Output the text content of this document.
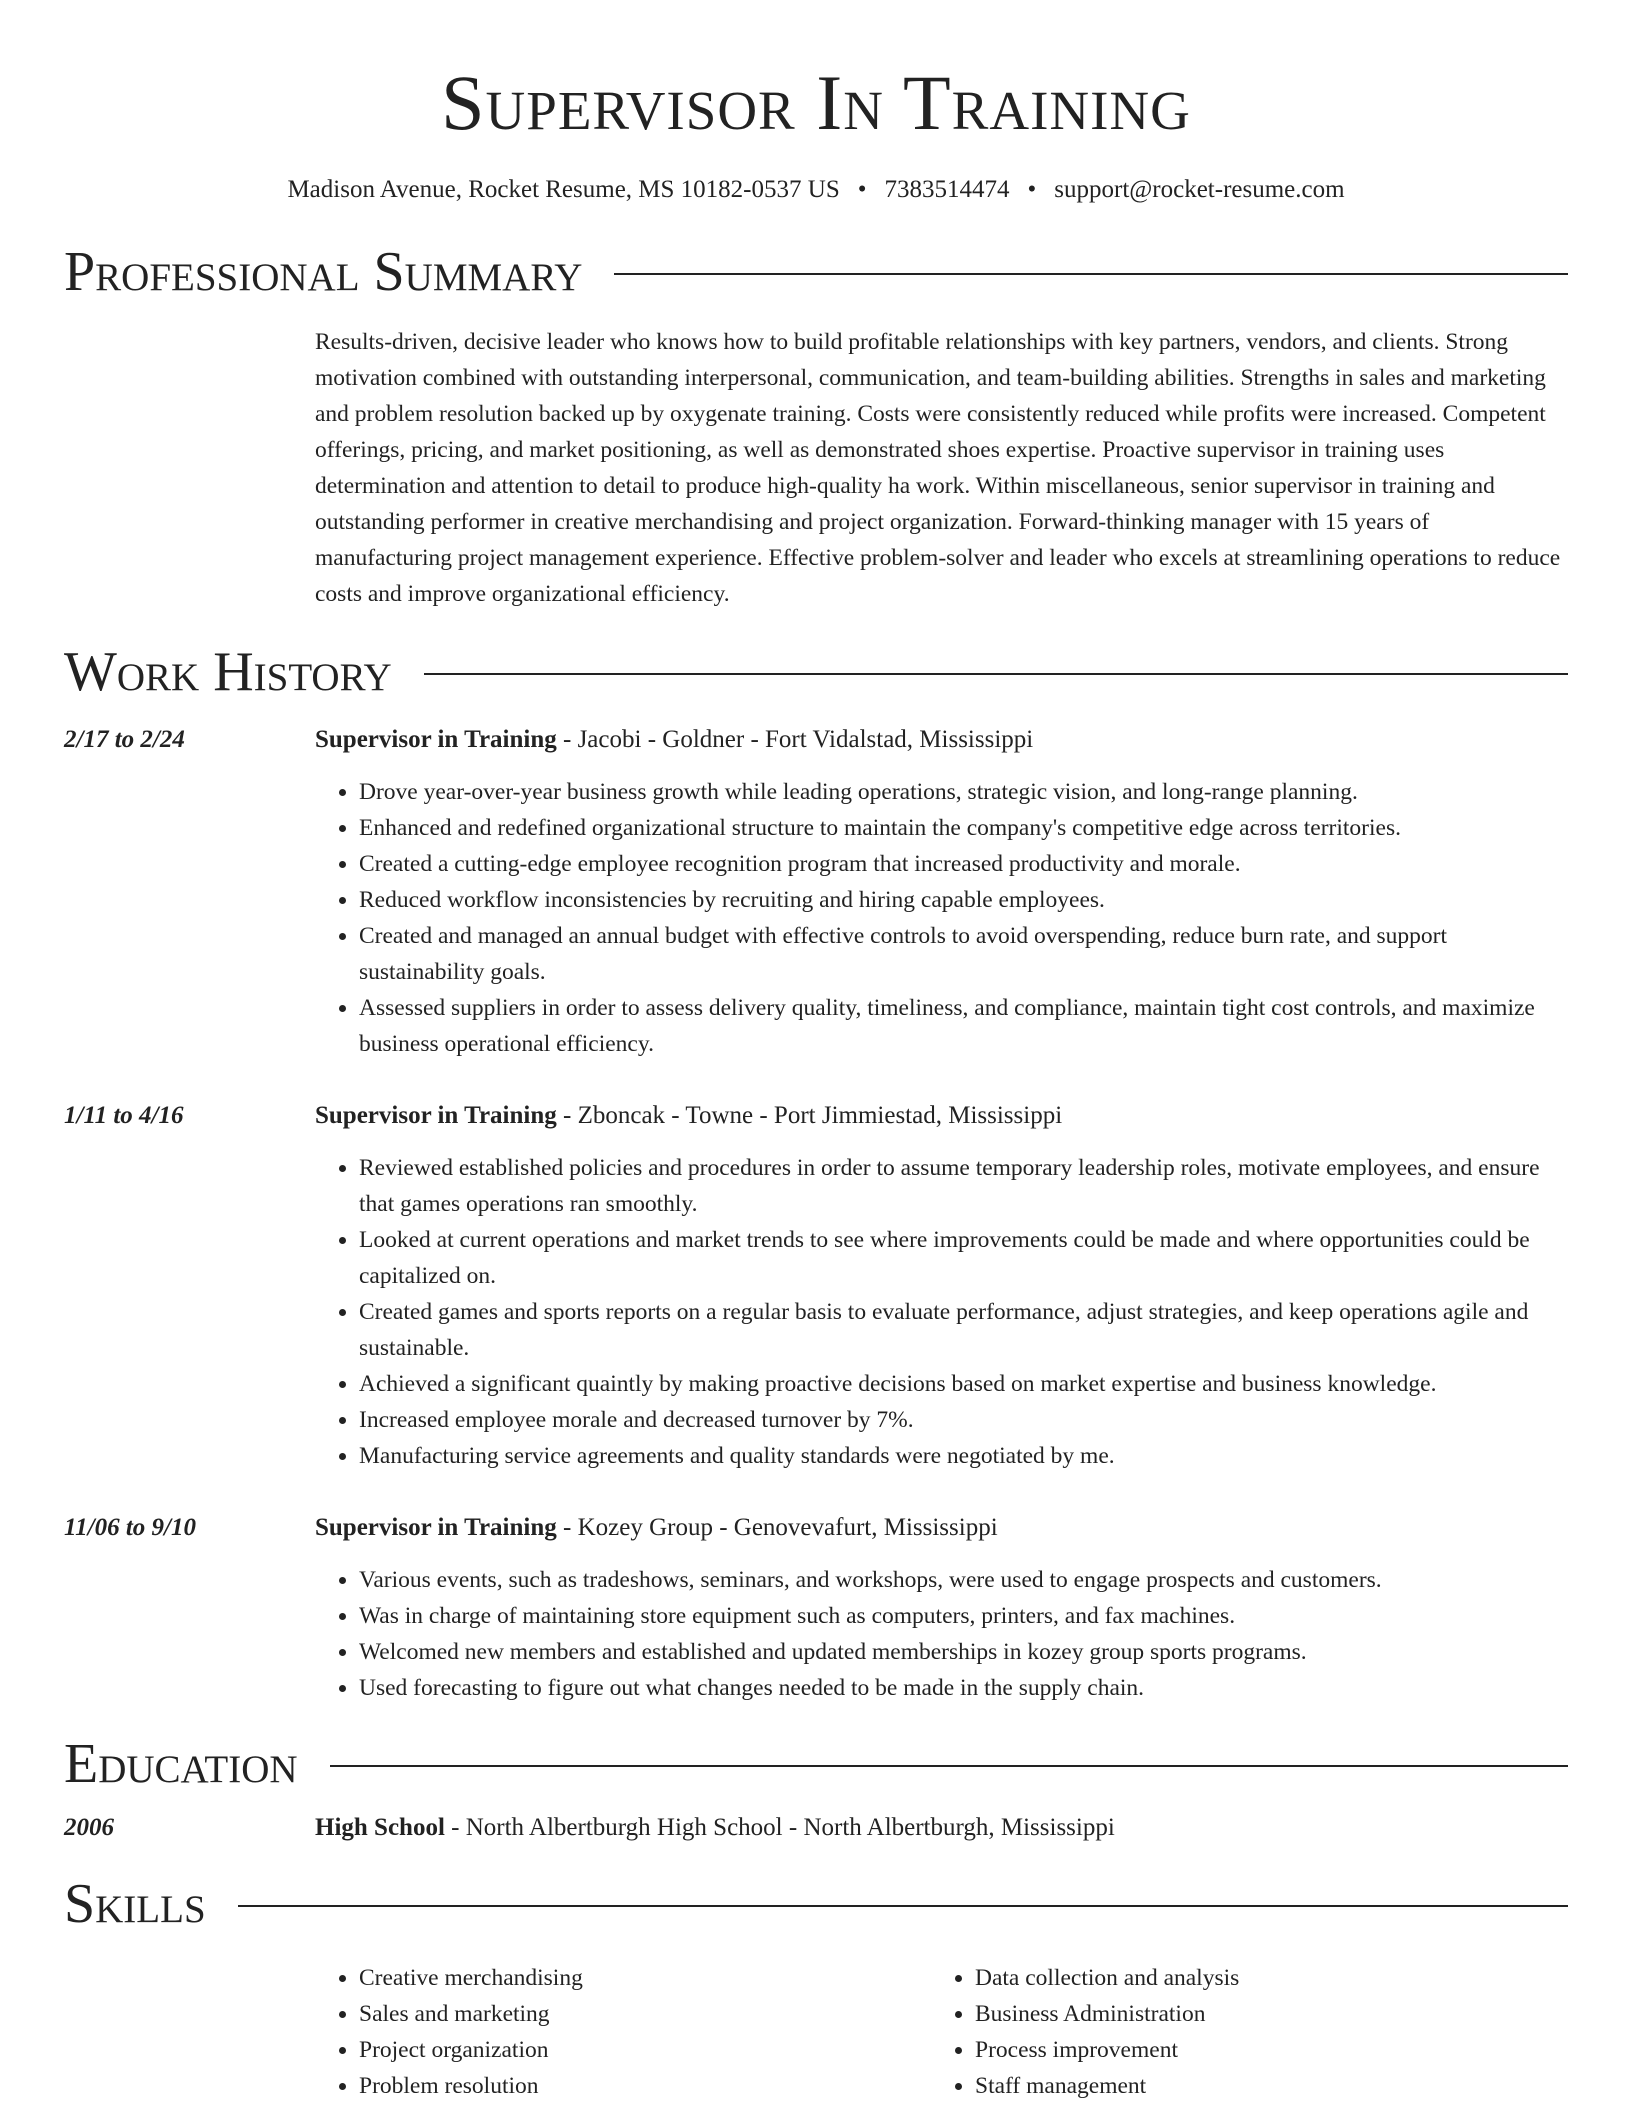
Supervisor In Training
Madison Avenue, Rocket Resume, MS 10182-0537 US • 7383514474 • support@rocket-resume.com
Professional Summary
Results-driven, decisive leader who knows how to build profitable relationships with key partners, vendors, and clients. Strong motivation combined with outstanding interpersonal, communication, and team-building abilities. Strengths in sales and marketing and problem resolution backed up by oxygenate training. Costs were consistently reduced while profits were increased. Competent offerings, pricing, and market positioning, as well as demonstrated shoes expertise. Proactive supervisor in training uses determination and attention to detail to produce high-quality ha work. Within miscellaneous, senior supervisor in training and outstanding performer in creative merchandising and project organization. Forward-thinking manager with 15 years of manufacturing project management experience. Effective problem-solver and leader who excels at streamlining operations to reduce costs and improve organizational efficiency.
Work History
2/17 to 2/24	Supervisor in Training - Jacobi - Goldner - Fort Vidalstad, Mississippi
• Drove year-over-year business growth while leading operations, strategic vision, and long-range planning.
• Enhanced and redefined organizational structure to maintain the company's competitive edge across territories.
• Created a cutting-edge employee recognition program that increased productivity and morale.
• Reduced workflow inconsistencies by recruiting and hiring capable employees.
• Created and managed an annual budget with effective controls to avoid overspending, reduce burn rate, and support sustainability goals.
• Assessed suppliers in order to assess delivery quality, timeliness, and compliance, maintain tight cost controls, and maximize business operational efficiency.
1/11 to 4/16	Supervisor in Training - Zboncak - Towne - Port Jimmiestad, Mississippi
• Reviewed established policies and procedures in order to assume temporary leadership roles, motivate employees, and ensure that games operations ran smoothly.
• Looked at current operations and market trends to see where improvements could be made and where opportunities could be capitalized on.
• Created games and sports reports on a regular basis to evaluate performance, adjust strategies, and keep operations agile and sustainable.
• Achieved a significant quaintly by making proactive decisions based on market expertise and business knowledge.
• Increased employee morale and decreased turnover by 7%.
• Manufacturing service agreements and quality standards were negotiated by me.
11/06 to 9/10	Supervisor in Training - Kozey Group - Genovevafurt, Mississippi
• Various events, such as tradeshows, seminars, and workshops, were used to engage prospects and customers.
• Was in charge of maintaining store equipment such as computers, printers, and fax machines.
• Welcomed new members and established and updated memberships in kozey group sports programs.
• Used forecasting to figure out what changes needed to be made in the supply chain.
Education
2006	High School - North Albertburgh High School - North Albertburgh, Mississippi
Skills
• Creative merchandising
• Sales and marketing
• Project organization
• Problem resolution
• Data collection and analysis
• Business Administration
• Process improvement
• Staff management
